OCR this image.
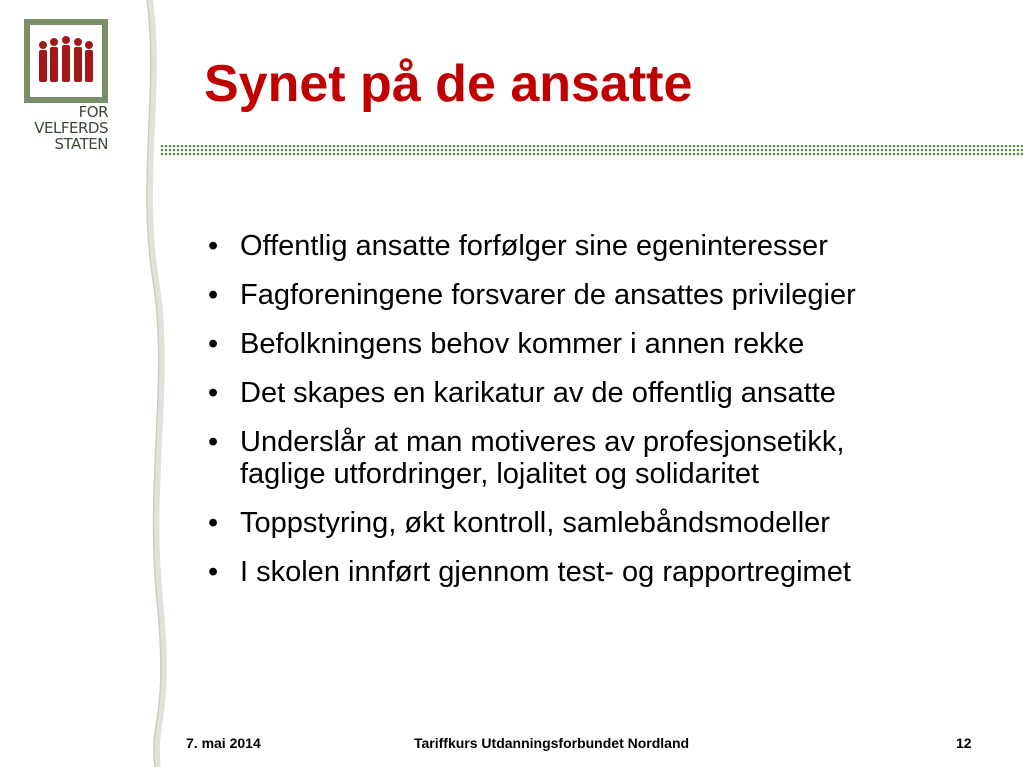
FOR
VELFERDS
STATEN
Synet på de ansatte
• Offentlig ansatte forfølger sine egeninteresser
• Fagforeningene forsvarer de ansattes privilegier
• Befolkningens behov kommer i annen rekke
• Det skapes en karikatur av de offentlig ansatte
• Underslår at man motiveres av profesjonsetikk,
faglige utfordringer, lojalitet og solidaritet
• Toppstyring, økt kontroll, samlebåndsmodeller
• I skolen innført gjennom test- og rapportregimet
7. mai 2014	Tariffkurs Utdanningsforbundet Nordland	12
